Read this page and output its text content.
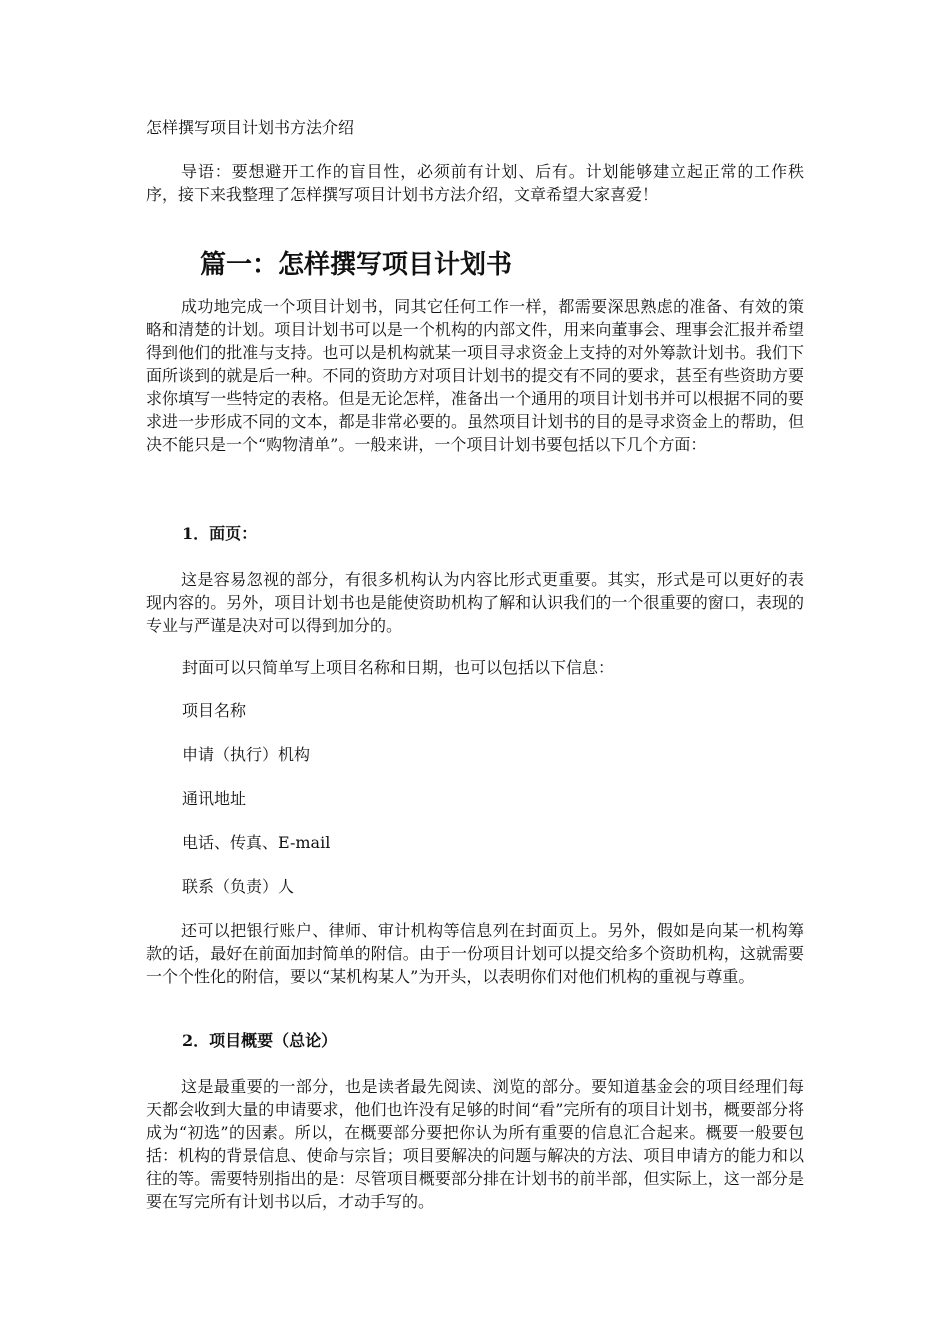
怎样撰写项目计划书方法介绍

导语：要想避开工作的盲目性，必须前有计划、后有。计划能够建立起正常的工作秩序，接下来我整理了怎样撰写项目计划书方法介绍，文章希望大家喜爱！

篇一：怎样撰写项目计划书

成功地完成一个项目计划书，同其它任何工作一样，都需要深思熟虑的准备、有效的策略和清楚的计划。项目计划书可以是一个机构的内部文件，用来向董事会、理事会汇报并希望得到他们的批准与支持。也可以是机构就某一项目寻求资金上支持的对外筹款计划书。我们下面所谈到的就是后一种。不同的资助方对项目计划书的提交有不同的要求，甚至有些资助方要求你填写一些特定的表格。但是无论怎样，准备出一个通用的项目计划书并可以根据不同的要求进一步形成不同的文本，都是非常必要的。虽然项目计划书的目的是寻求资金上的帮助，但决不能只是一个“购物清单”。一般来讲，一个项目计划书要包括以下几个方面：

1．面页：

这是容易忽视的部分，有很多机构认为内容比形式更重要。其实，形式是可以更好的表现内容的。另外，项目计划书也是能使资助机构了解和认识我们的一个很重要的窗口，表现的专业与严谨是决对可以得到加分的。

封面可以只简单写上项目名称和日期，也可以包括以下信息：
项目名称
申请（执行）机构
通讯地址
电话、传真、E-mail
联系（负责）人

还可以把银行账户、律师、审计机构等信息列在封面页上。另外，假如是向某一机构筹款的话，最好在前面加封简单的附信。由于一份项目计划可以提交给多个资助机构，这就需要一个个性化的附信，要以“某机构某人”为开头，以表明你们对他们机构的重视与尊重。

2．项目概要（总论）

这是最重要的一部分，也是读者最先阅读、浏览的部分。要知道基金会的项目经理们每天都会收到大量的申请要求，他们也许没有足够的时间“看”完所有的项目计划书，概要部分将成为“初选”的因素。所以，在概要部分要把你认为所有重要的信息汇合起来。概要一般要包括：机构的背景信息、使命与宗旨；项目要解决的问题与解决的方法、项目申请方的能力和以往的等。需要特别指出的是：尽管项目概要部分排在计划书的前半部，但实际上，这一部分是要在写完所有计划书以后，才动手写的。
